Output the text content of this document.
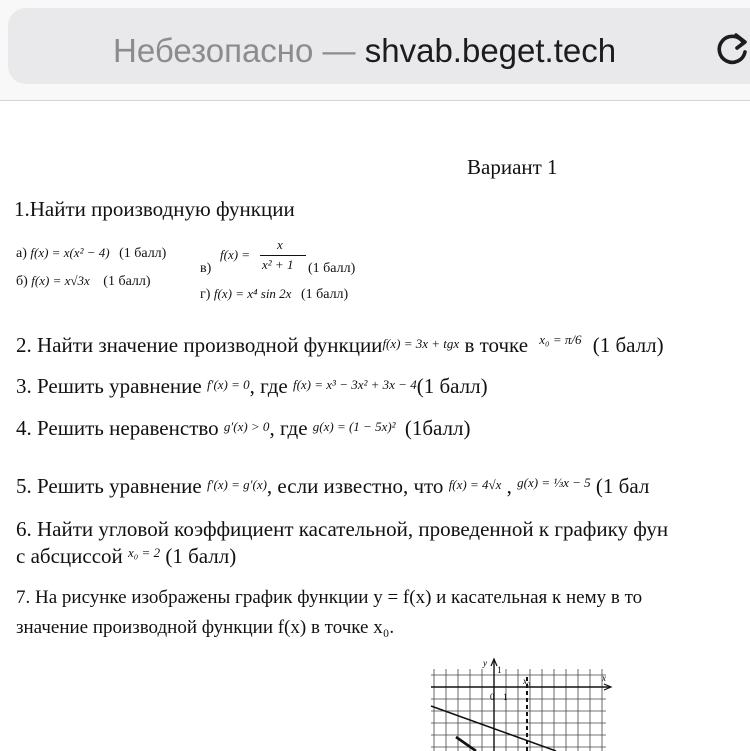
Небезопасно — shvab.beget.tech
Вариант 1
1.Найти производную функции
а) f(x) = x(x² − 4) (1 балл)
б) f(x) = x√3x (1 балл)
в)
f(x) =
x
x² + 1 (1 балл)
г) f(x) = x⁴ sin 2x (1 балл)
2. Найти значение производной функцииf(x) = 3x + tgx в точке $^{x_0 = \pi/6}$ (1 балл)
3. Решить уравнение f′(x) = 0, где f(x) = x³ − 3x² + 3x − 4(1 балл)
4. Решить неравенство g′(x) > 0, где g(x) = (1 − 5x)² (1балл)
5. Решить уравнение f′(x) = g′(x), если известно, что f(x) = 4√x , $^{g(x) = \frac{1}{3}x - 5}$ (1 бал
6. Найти угловой коэффициент касательной, проведенной к графику фун
с абсциссой $^{x_0 = 2}$ (1 балл)
7. На рисунке изображены график функции y = f(x) и касательная к нему в то
значение производной функции f(x) в точке x₀.
y
1
0 1
x₀	x
